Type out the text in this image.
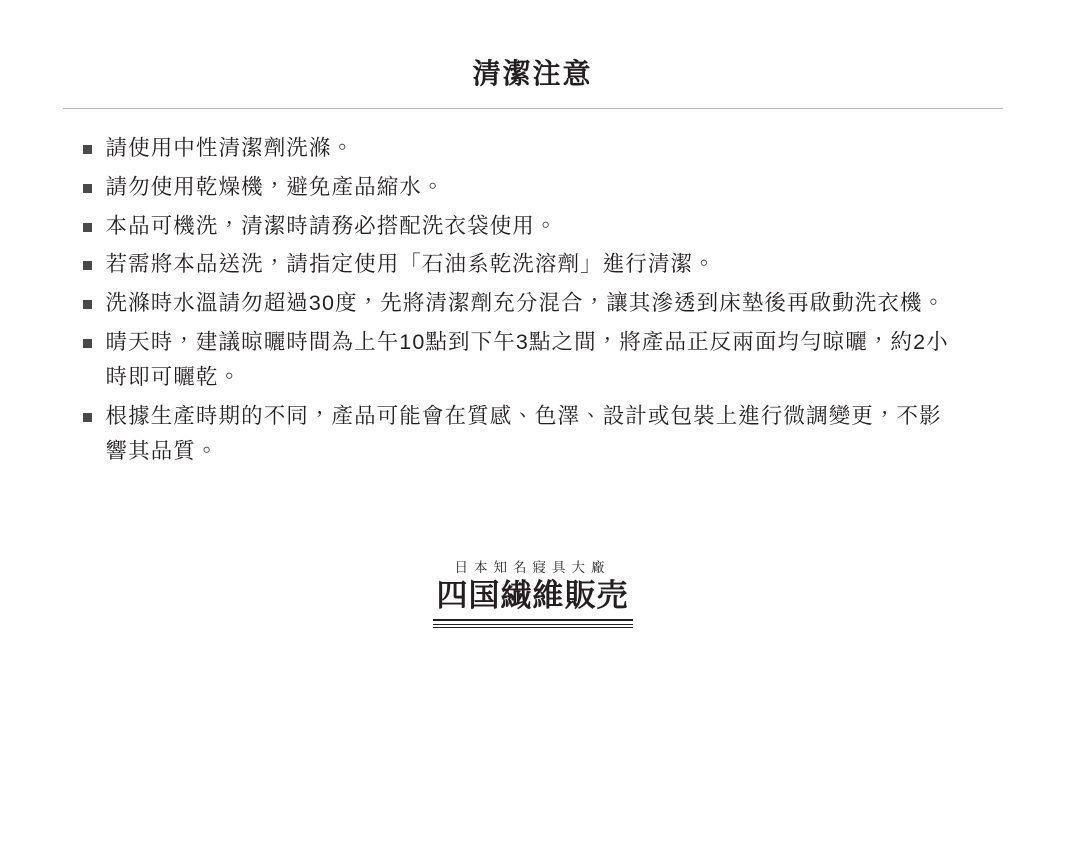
清潔注意
請使用中性清潔劑洗滌。
請勿使用乾燥機，避免產品縮水。
本品可機洗，清潔時請務必搭配洗衣袋使用。
若需將本品送洗，請指定使用「石油系乾洗溶劑」進行清潔。
洗滌時水溫請勿超過30度，先將清潔劑充分混合，讓其滲透到床墊後再啟動洗衣機。
晴天時，建議晾曬時間為上午10點到下午3點之間，將產品正反兩面均勻晾曬，約2小時即可曬乾。
根據生產時期的不同，產品可能會在質感、色澤、設計或包裝上進行微調變更，不影響其品質。
日本知名寢具大廠
四国繊維販売
